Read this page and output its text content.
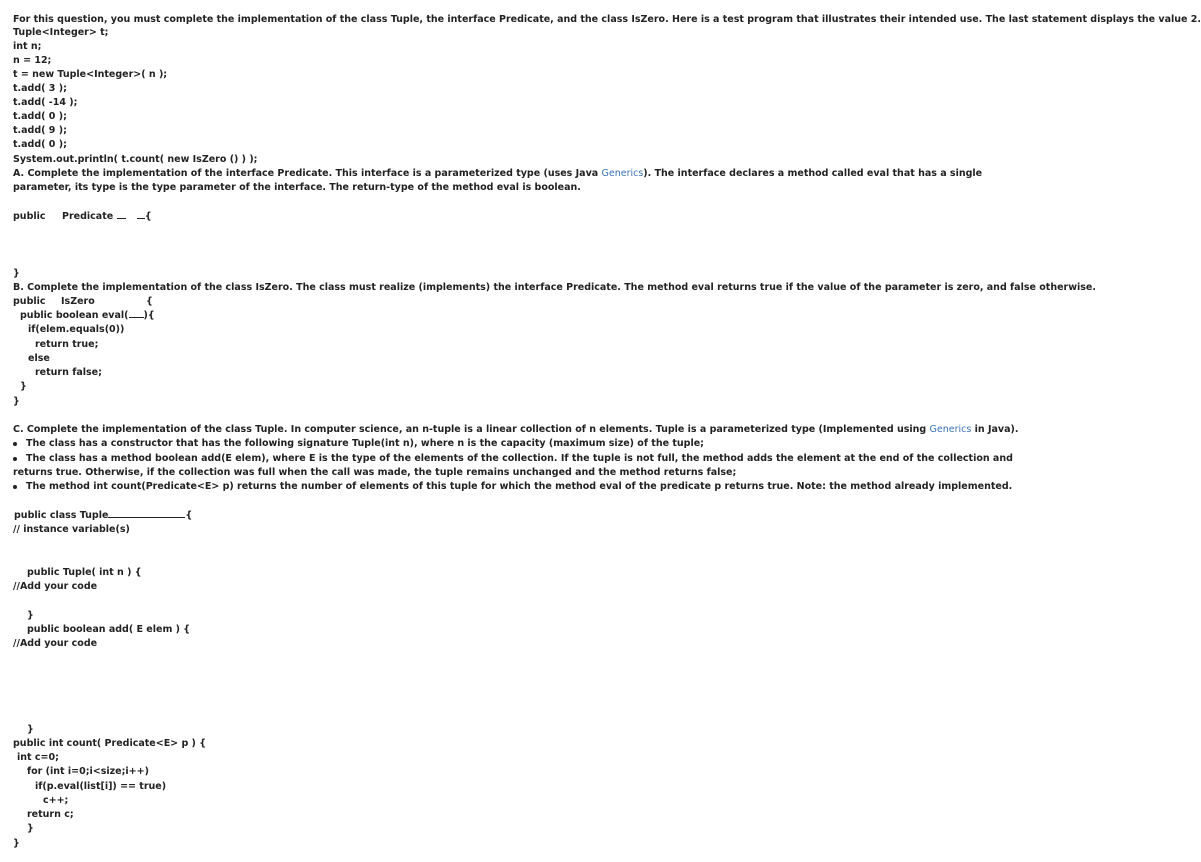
For this question, you must complete the implementation of the class Tuple, the interface Predicate, and the class IsZero. Here is a test program that illustrates their intended use. The last statement displays the value 2.
Tuple<Integer> t;
int n;
n = 12;
t = new Tuple<Integer>( n );
t.add( 3 );
t.add( -14 );
t.add( 0 );
t.add( 9 );
t.add( 0 );
System.out.println( t.count( new IsZero () ) );
A. Complete the implementation of the interface Predicate. This interface is a parameterized type (uses Java Generics). The interface declares a method called eval that has a single parameter, its type is the type parameter of the interface. The return-type of the method eval is boolean.
public Predicate	{
}
B. Complete the implementation of the class IsZero. The class must realize (implements) the interface Predicate. The method eval returns true if the value of the parameter is zero, and false otherwise.
public IsZero	{
public boolean eval( ){
if(elem.equals(0))
return true;
else
return false;
}
}
C. Complete the implementation of the class Tuple. In computer science, an n-tuple is a linear collection of n elements. Tuple is a parameterized type (Implemented using Generics in Java).
The class has a constructor that has the following signature Tuple(int n), where n is the capacity (maximum size) of the tuple;
The class has a method boolean add(E elem), where E is the type of the elements of the collection. If the tuple is not full, the method adds the element at the end of the collection and returns true. Otherwise, if the collection was full when the call was made, the tuple remains unchanged and the method returns false;
The method int count(Predicate<E> p) returns the number of elements of this tuple for which the method eval of the predicate p returns true. Note: the method already implemented.
public class Tuple	{
// instance variable(s)
public Tuple( int n ) {
//Add your code
}
public boolean add( E elem ) {
//Add your code
}
public int count( Predicate<E> p ) {
int c=0;
for (int i=0;i<size;i++)
if(p.eval(list[i]) == true)
c++;
return c;
}
}
